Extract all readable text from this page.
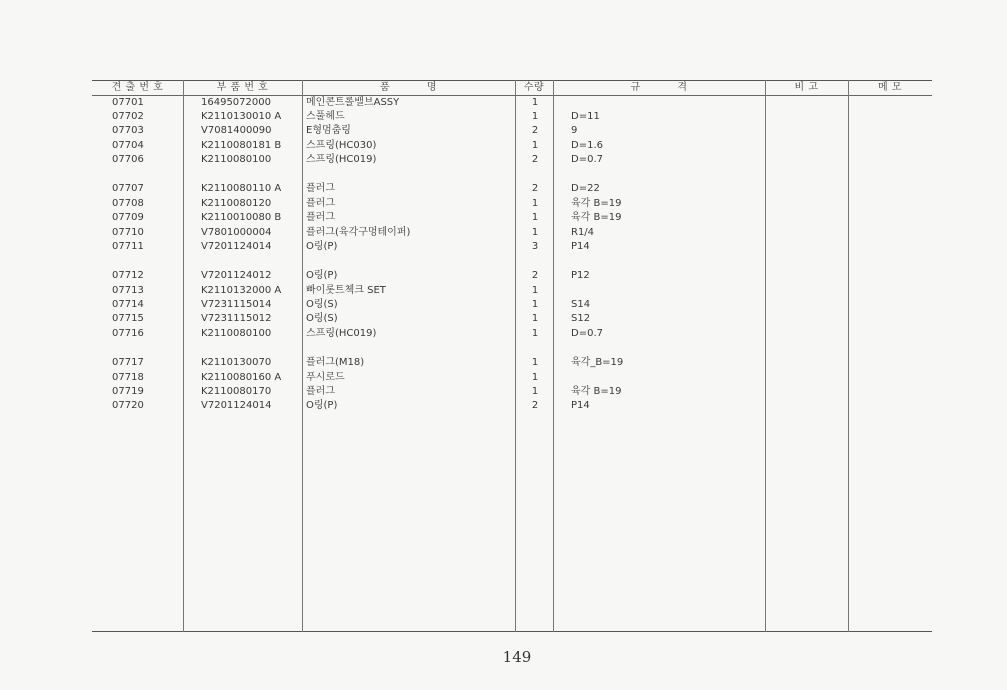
견 출 번 호	부 품 번 호	품          명	수량	규          격	비 고	메 모
07701	16495072000	메인콘트롤밸브ASSY	1
07702	K2110130010 A	스풀헤드	1	D=11
07703	V7081400090	E형멈춤링	2	9
07704	K2110080181 B	스프링(HC030)	1	D=1.6
07706	K2110080100	스프링(HC019)	2	D=0.7
07707	K2110080110 A	플러그	2	D=22
07708	K2110080120	플러그	1	육각 B=19
07709	K2110010080 B	플러그	1	육각 B=19
07710	V7801000004	플러그(육각구멍테이퍼)	1	R1/4
07711	V7201124014	O링(P)	3	P14
07712	V7201124012	O링(P)	2	P12
07713	K2110132000 A	빠이롯트첵크 SET	1
07714	V7231115014	O링(S)	1	S14
07715	V7231115012	O링(S)	1	S12
07716	K2110080100	스프링(HC019)	1	D=0.7
07717	K2110130070	플러그(M18)	1	육각_B=19
07718	K2110080160 A	푸시로드	1
07719	K2110080170	플러그	1	육각 B=19
07720	V7201124014	O링(P)	2	P14
149
